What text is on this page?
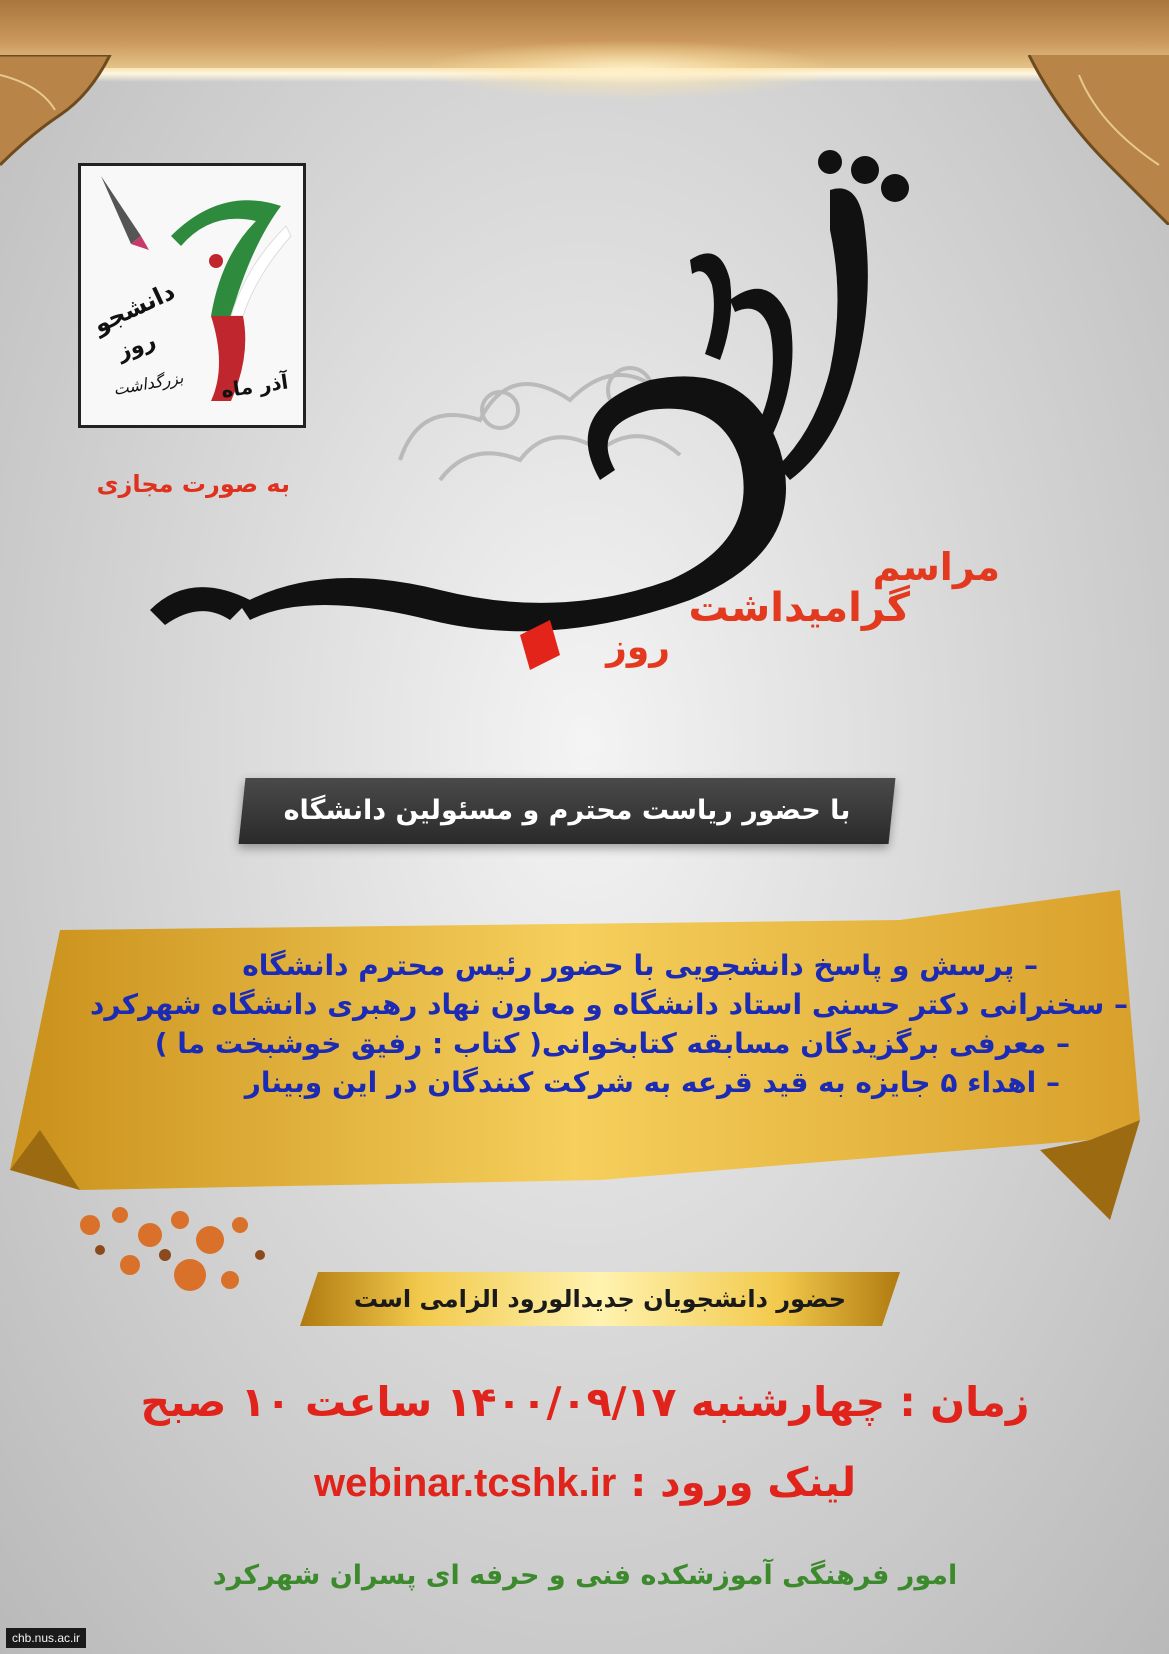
روز
دانشجو
آذر ماه
بزرگداشت
دانشجو
به صورت مجازی
مراسم
گرامیداشت
روز
با حضور ریاست محترم و مسئولین دانشگاه
– پرسش و پاسخ دانشجویی با حضور رئیس محترم دانشگاه
– سخنرانی دکتر حسنی استاد دانشگاه و معاون نهاد رهبری دانشگاه شهرکرد
– معرفی برگزیدگان مسابقه کتابخوانی( کتاب : رفیق خوشبخت ما )
– اهداء ۵ جایزه به قید قرعه به شرکت کنندگان در این وبینار
حضور دانشجویان جدیدالورود الزامی است
زمان : چهارشنبه ۱۴۰۰/۰۹/۱۷ ساعت ۱۰ صبح
لینک ورود : webinar.tcshk.ir
امور فرهنگی آموزشکده فنی و حرفه ای پسران شهرکرد
chb.nus.ac.ir
